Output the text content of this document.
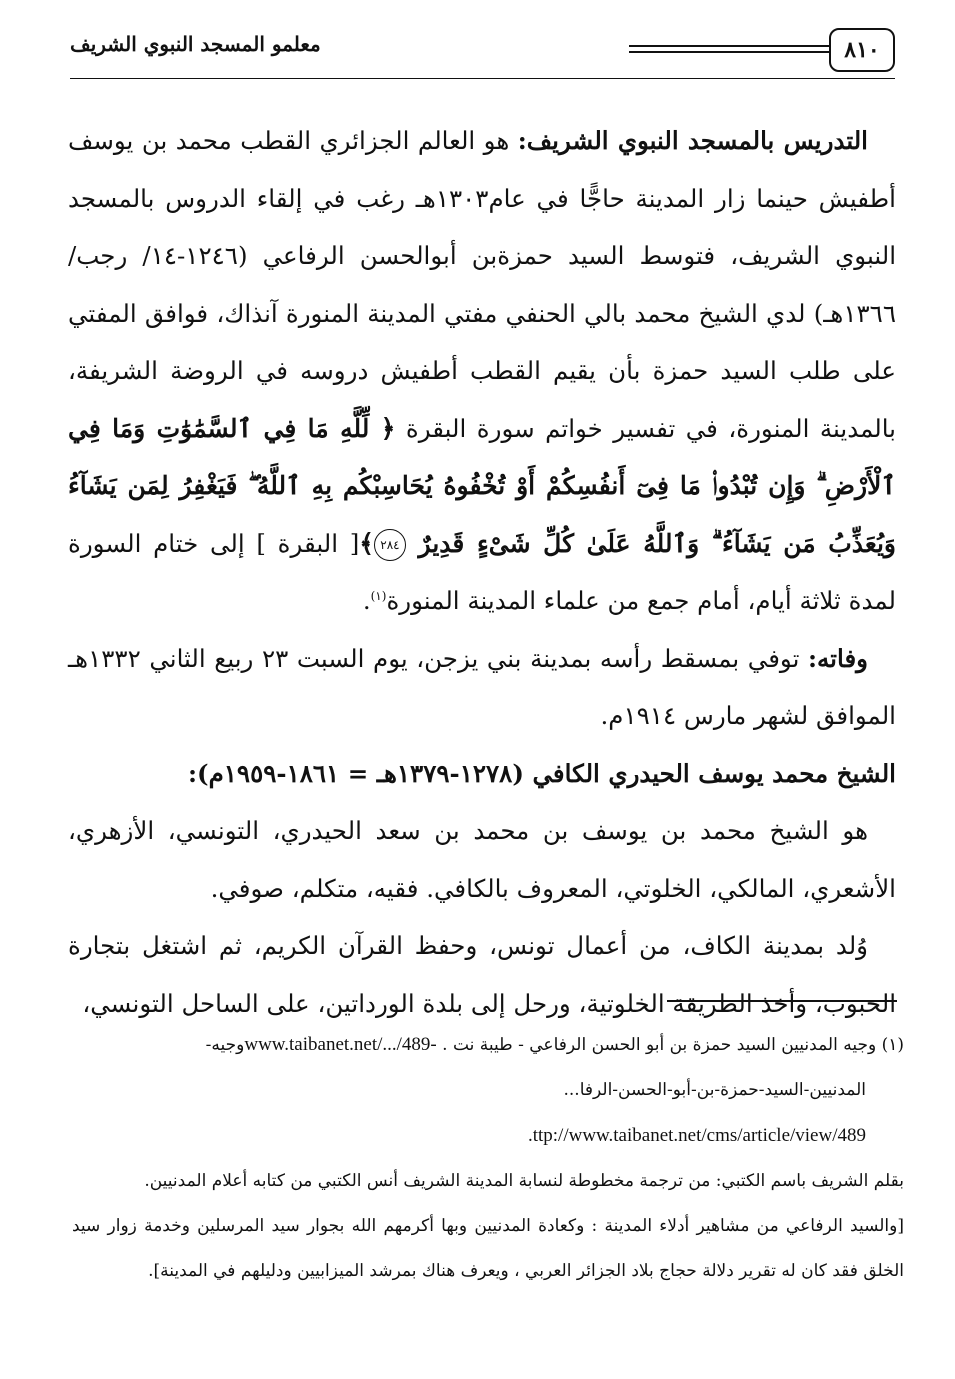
٨١٠
معلمو المسجد النبوي الشريف

التدريس بالمسجد النبوي الشريف: هو العالم الجزائري القطب محمد بن يوسف أطفيش حينما زار المدينة حاجًّا في عام١٣٠٣هـ رغب في إلقاء الدروس بالمسجد النبوي الشريف، فتوسط السيد حمزةبن أبوالحسن الرفاعي (١٢٤٦-١٤/ رجب/ ١٣٦٦هـ) لدي الشيخ محمد بالي الحنفي مفتي المدينة المنورة آنذاك، فوافق المفتي على طلب السيد حمزة بأن يقيم القطب أطفيش دروسه في الروضة الشريفة، بالمدينة المنورة، في تفسير خواتم سورة البقرة ﴿ لِّلَّهِ مَا فِي ٱلسَّمَٰوَٰتِ وَمَا فِي ٱلْأَرْضِ ۗ وَإِن تُبْدُوا۟ مَا فِىٓ أَنفُسِكُمْ أَوْ تُخْفُوهُ يُحَاسِبْكُم بِهِ ٱللَّهُ ۖ فَيَغْفِرُ لِمَن يَشَآءُ وَيُعَذِّبُ مَن يَشَآءُ ۗ وَٱللَّهُ عَلَىٰ كُلِّ شَىْءٍ قَدِيرٌ ٢٨٤﴾[ البقرة ] إلى ختام السورة لمدة ثلاثة أيام، أمام جمع من علماء المدينة المنورة$^{(١)}$.

وفاته: توفي بمسقط رأسه بمدينة بني يزجن، يوم السبت ٢٣ ربيع الثاني ١٣٣٢هـ الموافق لشهر مارس ١٩١٤م.

الشيخ محمد يوسف الحيدري الكافي (١٢٧٨-١٣٧٩هـ = ١٨٦١-١٩٥٩م):

هو الشيخ محمد بن يوسف بن محمد بن سعد الحيدري، التونسي، الأزهري، الأشعري، المالكي، الخلوتي، المعروف بالكافي. فقيه، متكلم، صوفي.

وُلد بمدينة الكاف، من أعمال تونس، وحفظ القرآن الكريم، ثم اشتغل بتجارة الحبوب، وأخذ الطريقة الخلوتية، ورحل إلى بلدة الورداتين، على الساحل التونسي،

(١) وجيه المدنيين السيد حمزة بن أبو الحسن الرفاعي - طيبة نت . www.taibanet.net/.../489-وجيه-

المدنيين-السيد-حمزة-بن-أبو-الحسن-الرفا...

.ttp://www.taibanet.net/cms/article/view/489

بقلم الشريف باسم الكتبي: من ترجمة مخطوطة لنسابة المدينة الشريف أنس الكتبي من كتابه أعلام المدنيين.

[والسيد الرفاعي من مشاهير أدلاء المدينة : وكعادة المدنيين وبها أكرمهم الله بجوار سيد المرسلين وخدمة زوار سيد الخلق فقد كان له تقرير دلالة حجاج بلاد الجزائر العربي ، ويعرف هناك بمرشد الميزابيين ودليلهم في المدينة].
